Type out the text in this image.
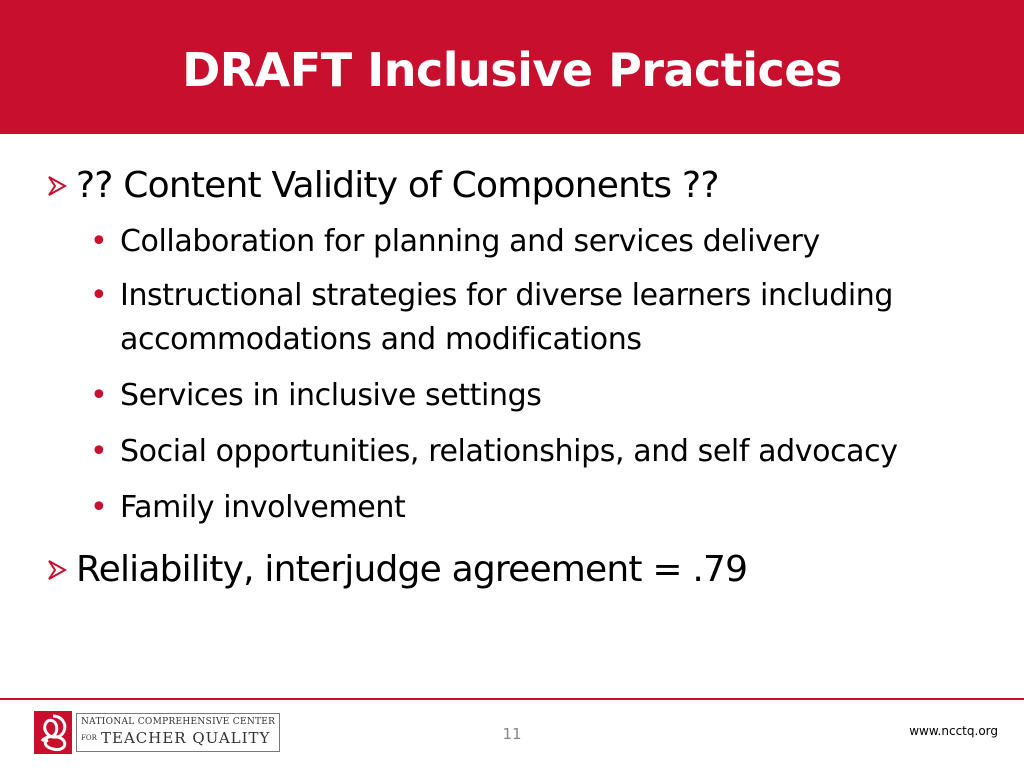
DRAFT Inclusive Practices
?? Content Validity of Components ??
• Collaboration for planning and services delivery
• Instructional strategies for diverse learners including accommodations and modifications
• Services in inclusive settings
• Social opportunities, relationships, and self advocacy
• Family involvement
Reliability, interjudge agreement = .79
NATIONAL COMPREHENSIVE CENTER
FOR TEACHER QUALITY	11	www.ncctq.org
